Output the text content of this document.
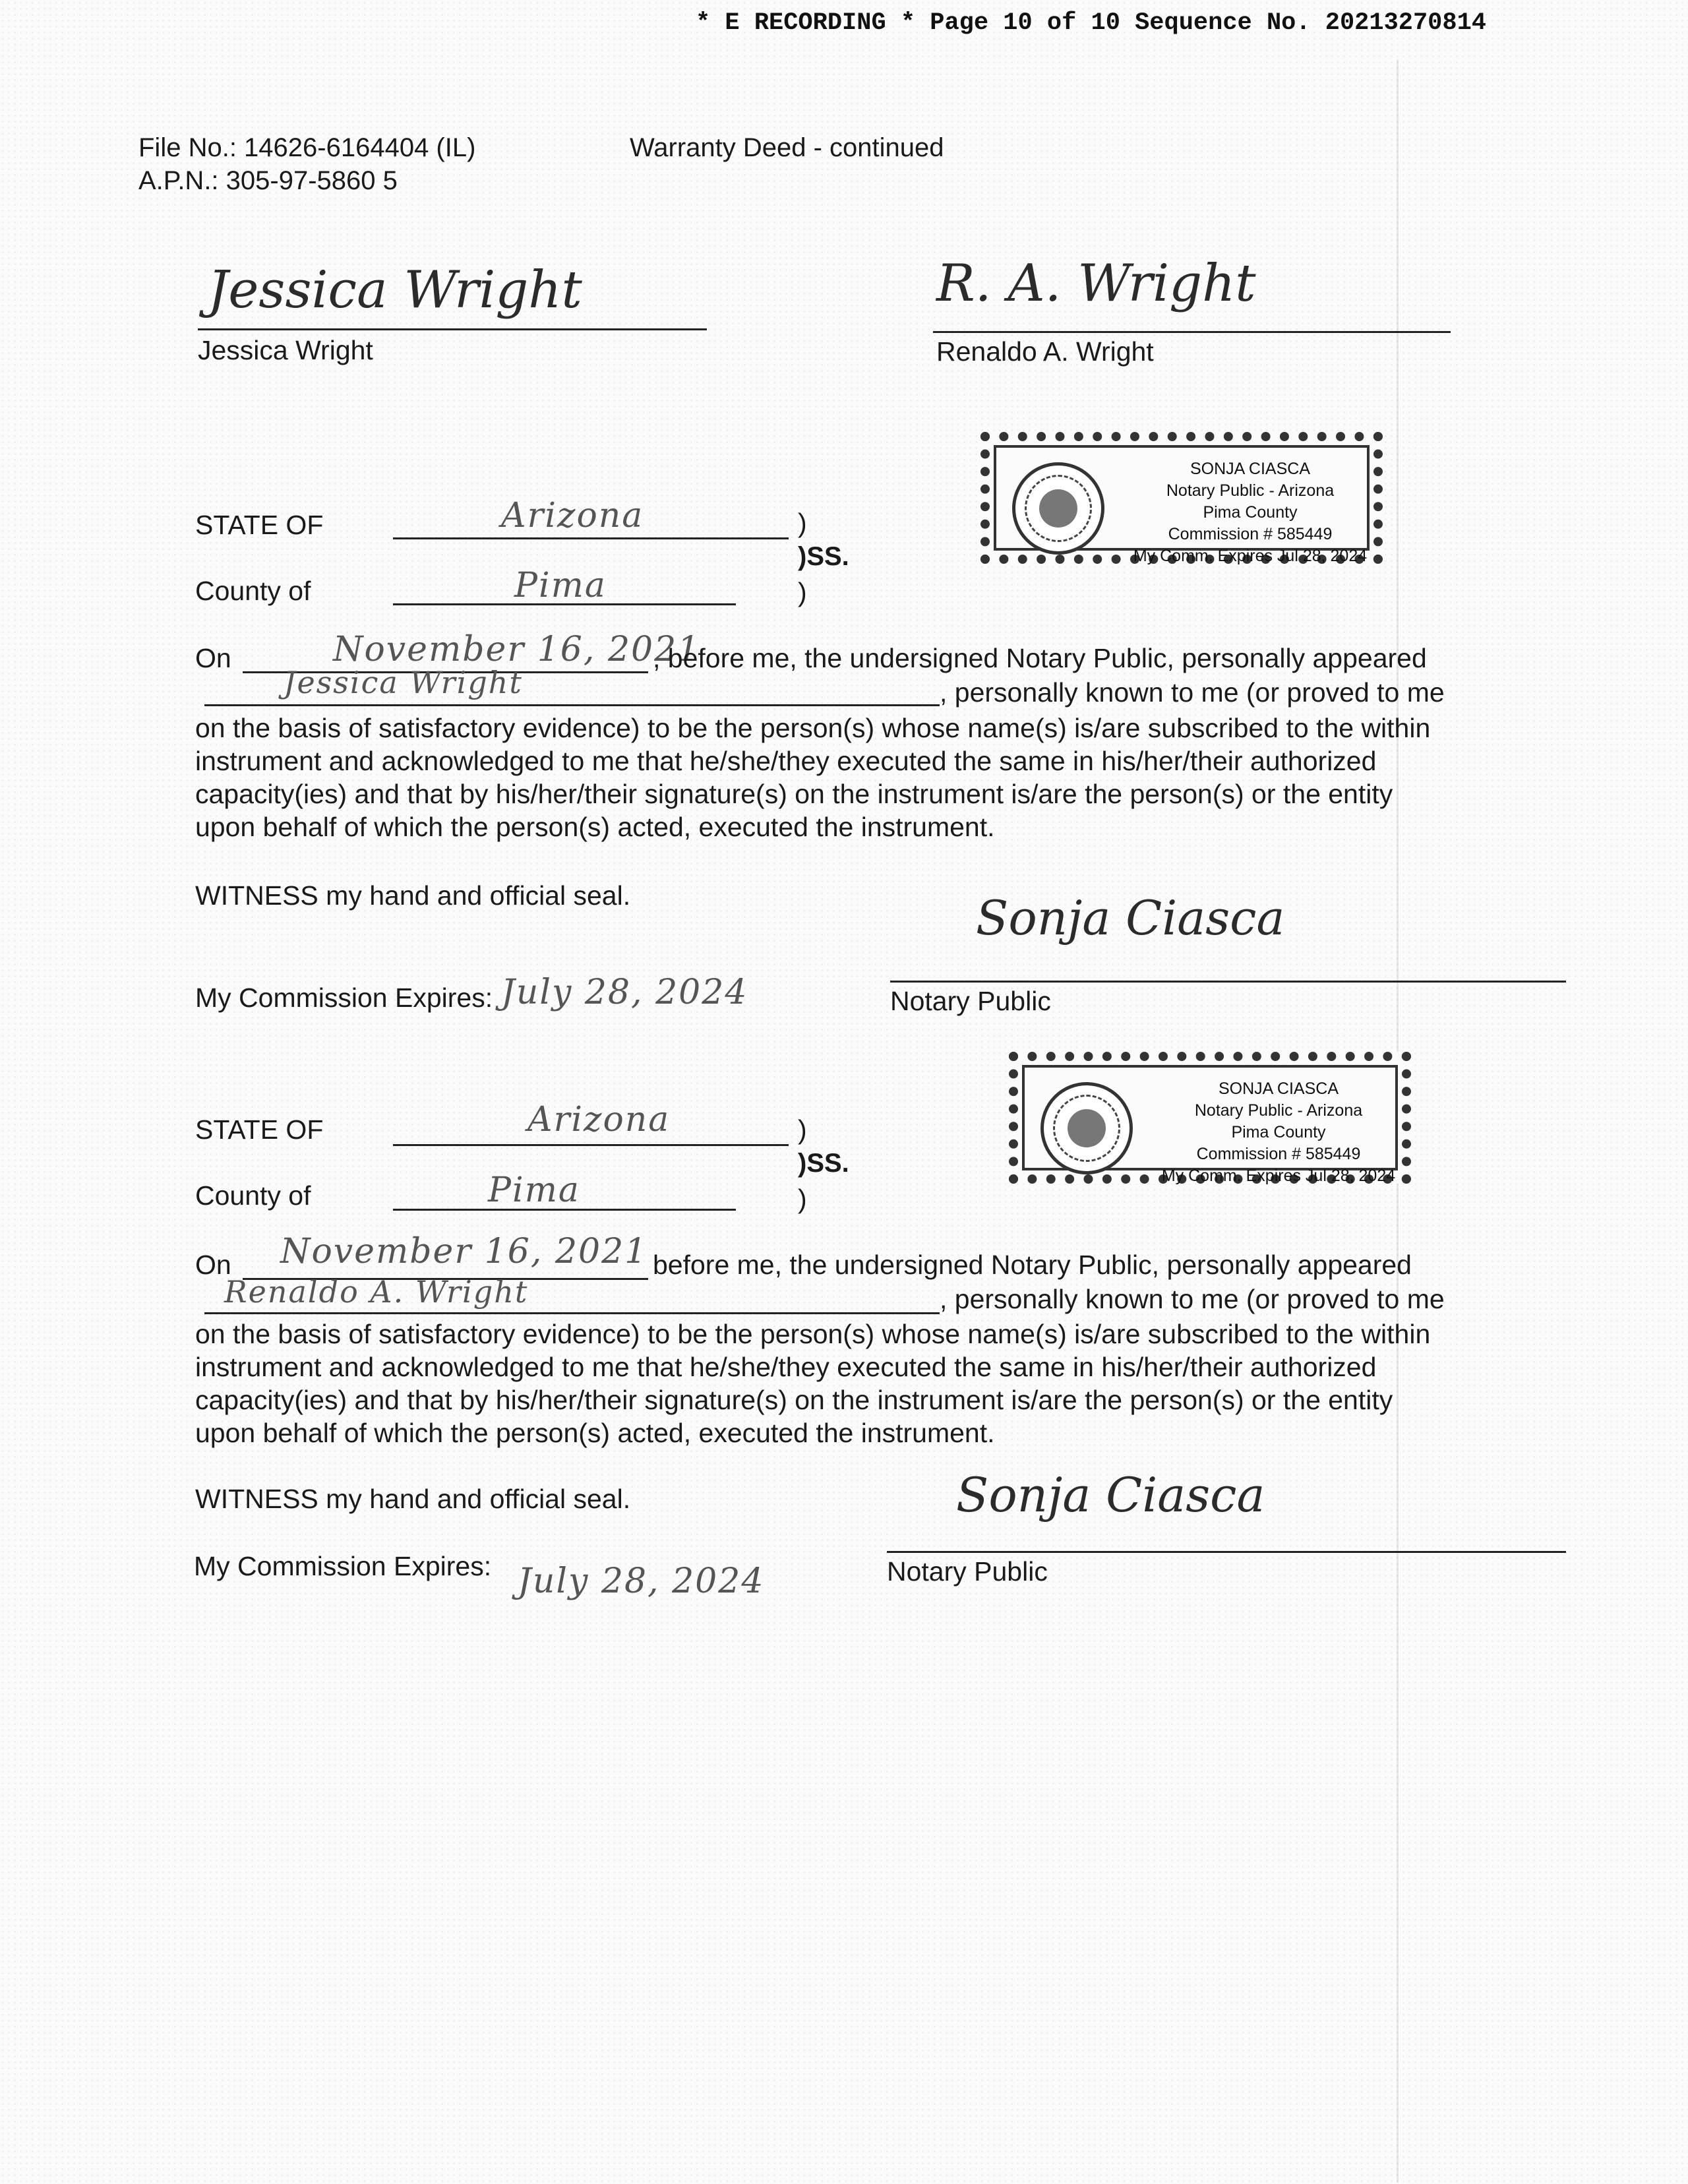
* E RECORDING * Page 10 of 10 Sequence No. 20213270814
File No.: 14626-6164404 (IL)
A.P.N.: 305-97-5860 5
Warranty Deed - continued
Jessica Wright
Jessica Wright
R. A. Wright
Renaldo A. Wright
SONJA CIASCA
Notary Public - Arizona
Pima County
Commission # 585449
My Comm. Expires Jul 28, 2024
STATE OF	Arizona	)
)SS.
County of	Pima	)
On	November 16, 2021
, before me, the undersigned Notary Public, personally appeared
Jessica Wright	, personally known to me (or proved to me
on the basis of satisfactory evidence) to be the person(s) whose name(s) is/are subscribed to the within
instrument and acknowledged to me that he/she/they executed the same in his/her/their authorized
capacity(ies) and that by his/her/their signature(s) on the instrument is/are the person(s) or the entity
upon behalf of which the person(s) acted, executed the instrument.
WITNESS my hand and official seal.
My Commission Expires: July 28, 2024
Sonja Ciasca
Notary Public
SONJA CIASCA
Notary Public - Arizona
Pima County
Commission # 585449
My Comm. Expires Jul 28, 2024
STATE OF	Arizona	)
)SS.
County of	Pima	)
On November 16, 2021 before me, the undersigned Notary Public, personally appeared
Renaldo A. Wright	, personally known to me (or proved to me
on the basis of satisfactory evidence) to be the person(s) whose name(s) is/are subscribed to the within
instrument and acknowledged to me that he/she/they executed the same in his/her/their authorized
capacity(ies) and that by his/her/their signature(s) on the instrument is/are the person(s) or the entity
upon behalf of which the person(s) acted, executed the instrument.
WITNESS my hand and official seal.
My Commission Expires: July 28, 2024
Sonja Ciasca
Notary Public
